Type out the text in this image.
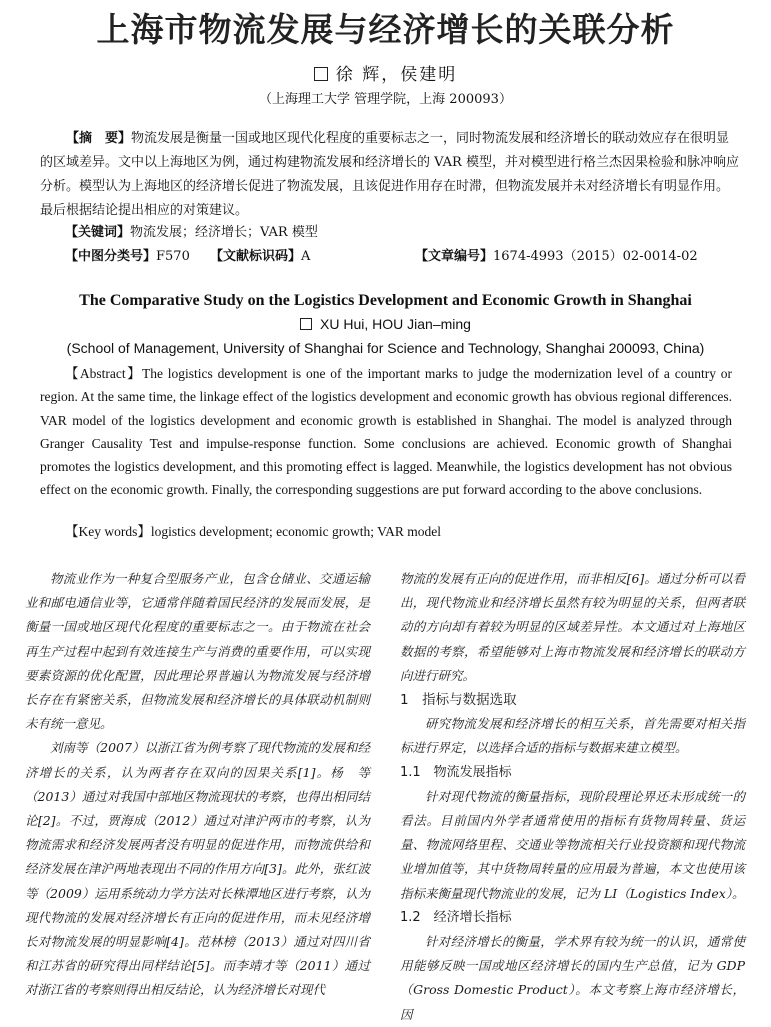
上海市物流发展与经济增长的关联分析
徐 辉，侯建明
（上海理工大学 管理学院，上海 200093）

【摘　要】物流发展是衡量一国或地区现代化程度的重要标志之一，同时物流发展和经济增长的联动效应存在很明显的区域差异。文中以上海地区为例，通过构建物流发展和经济增长的 VAR 模型，并对模型进行格兰杰因果检验和脉冲响应分析。模型认为上海地区的经济增长促进了物流发展，且该促进作用存在时滞，但物流发展并未对经济增长有明显作用。最后根据结论提出相应的对策建议。

【关键词】物流发展；经济增长；VAR 模型
【中图分类号】F570	【文献标识码】A	【文章编号】1674-4993（2015）02-0014-02
The Comparative Study on the Logistics Development and Economic Growth in Shanghai
XU Hui, HOU Jian–ming
(School of Management, University of Shanghai for Science and Technology, Shanghai 200093, China)
【Abstract】The logistics development is one of the important marks to judge the modernization level of a country or region. At the same time, the linkage effect of the logistics development and economic growth has obvious regional differences. VAR model of the logistics development and economic growth is established in Shanghai. The model is analyzed through Granger Causality Test and impulse-response function. Some conclusions are achieved. Economic growth of Shanghai promotes the logistics development, and this promoting effect is lagged. Meanwhile, the logistics development has not obvious effect on the economic growth. Finally, the corresponding suggestions are put forward according to the above conclusions.
【Key words】logistics development; economic growth; VAR model

物流业作为一种复合型服务产业，包含仓储业、交通运输业和邮电通信业等，它通常伴随着国民经济的发展而发展，是衡量一国或地区现代化程度的重要标志之一。由于物流在社会再生产过程中起到有效连接生产与消费的重要作用，可以实现要素资源的优化配置，因此理论界普遍认为物流发展与经济增长存在有紧密关系，但物流发展和经济增长的具体联动机制则未有统一意见。

刘南等（2007）以浙江省为例考察了现代物流的发展和经济增长的关系，认为两者存在双向的因果关系[1]。杨　等（2013）通过对我国中部地区物流现状的考察，也得出相同结论[2]。不过，贾海成（2012）通过对津沪两市的考察，认为物流需求和经济发展两者没有明显的促进作用，而物流供给和经济发展在津沪两地表现出不同的作用方向[3]。此外，张红波等（2009）运用系统动力学方法对长株潭地区进行考察，认为现代物流的发展对经济增长有正向的促进作用，而未见经济增长对物流发展的明显影响[4]。范林榜（2013）通过对四川省和江苏省的研究得出同样结论[5]。而李靖才等（2011）通过对浙江省的考察则得出相反结论，认为经济增长对现代

物流的发展有正向的促进作用，而非相反[6]。通过分析可以看出，现代物流业和经济增长虽然有较为明显的关系，但两者联动的方向却有着较为明显的区域差异性。本文通过对上海地区数据的考察，希望能够对上海市物流发展和经济增长的联动方向进行研究。

1　指标与数据选取

研究物流发展和经济增长的相互关系，首先需要对相关指标进行界定，以选择合适的指标与数据来建立模型。

1.1　物流发展指标

针对现代物流的衡量指标，现阶段理论界还未形成统一的看法。目前国内外学者通常使用的指标有货物周转量、货运量、物流网络里程、交通业等物流相关行业投资额和现代物流业增加值等，其中货物周转量的应用最为普遍，本文也使用该指标来衡量现代物流业的发展，记为 LI（Logistics Index）。

1.2　经济增长指标

针对经济增长的衡量，学术界有较为统一的认识，通常使用能够反映一国或地区经济增长的国内生产总值，记为 GDP（Gross Domestic Product）。本文考察上海市经济增长，因
